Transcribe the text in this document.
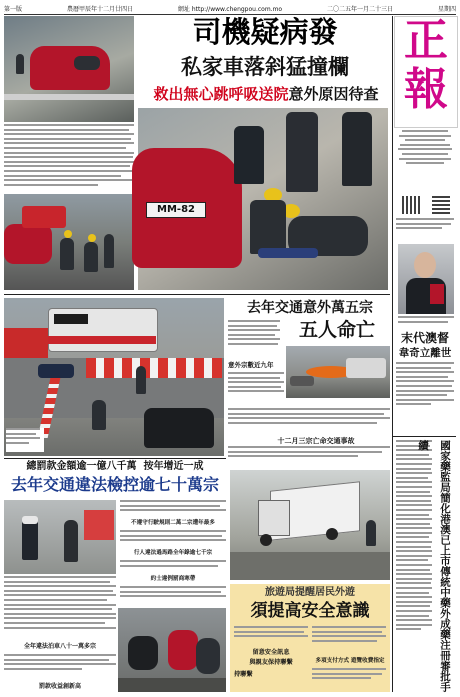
第一版	農曆甲辰年十二月廿四日	網址 http://www.chengpou.com.mo	二〇二五年一月二十三日	星期四
司機疑病發
私家車落斜猛撞欄
救出無心跳呼吸送院意外原因待查
MM-82
正
報
末代澳督
韋奇立離世
國家藥監局簡化港澳已上市傳統中藥外成藥注冊審批手續
去年交通意外萬五宗
五人命亡
意外宗數近九年
十二月三宗亡命交通事故
總罰款金額逾一億八千萬 按年增近一成
去年交通違法檢控逾七十萬宗
全年違法泊車八十一萬多宗
罰款收益創新高
不遵守行駛規則二萬二宗遭年最多
行人違法過馬路全年錄逾七千宗
約士違例罰商寒帶
旅遊局提醒居民外遊
須提高安全意識
留意安全訊息
與親友保持聯繫
持聯繫
多項支付方式 遊覽收費指定
